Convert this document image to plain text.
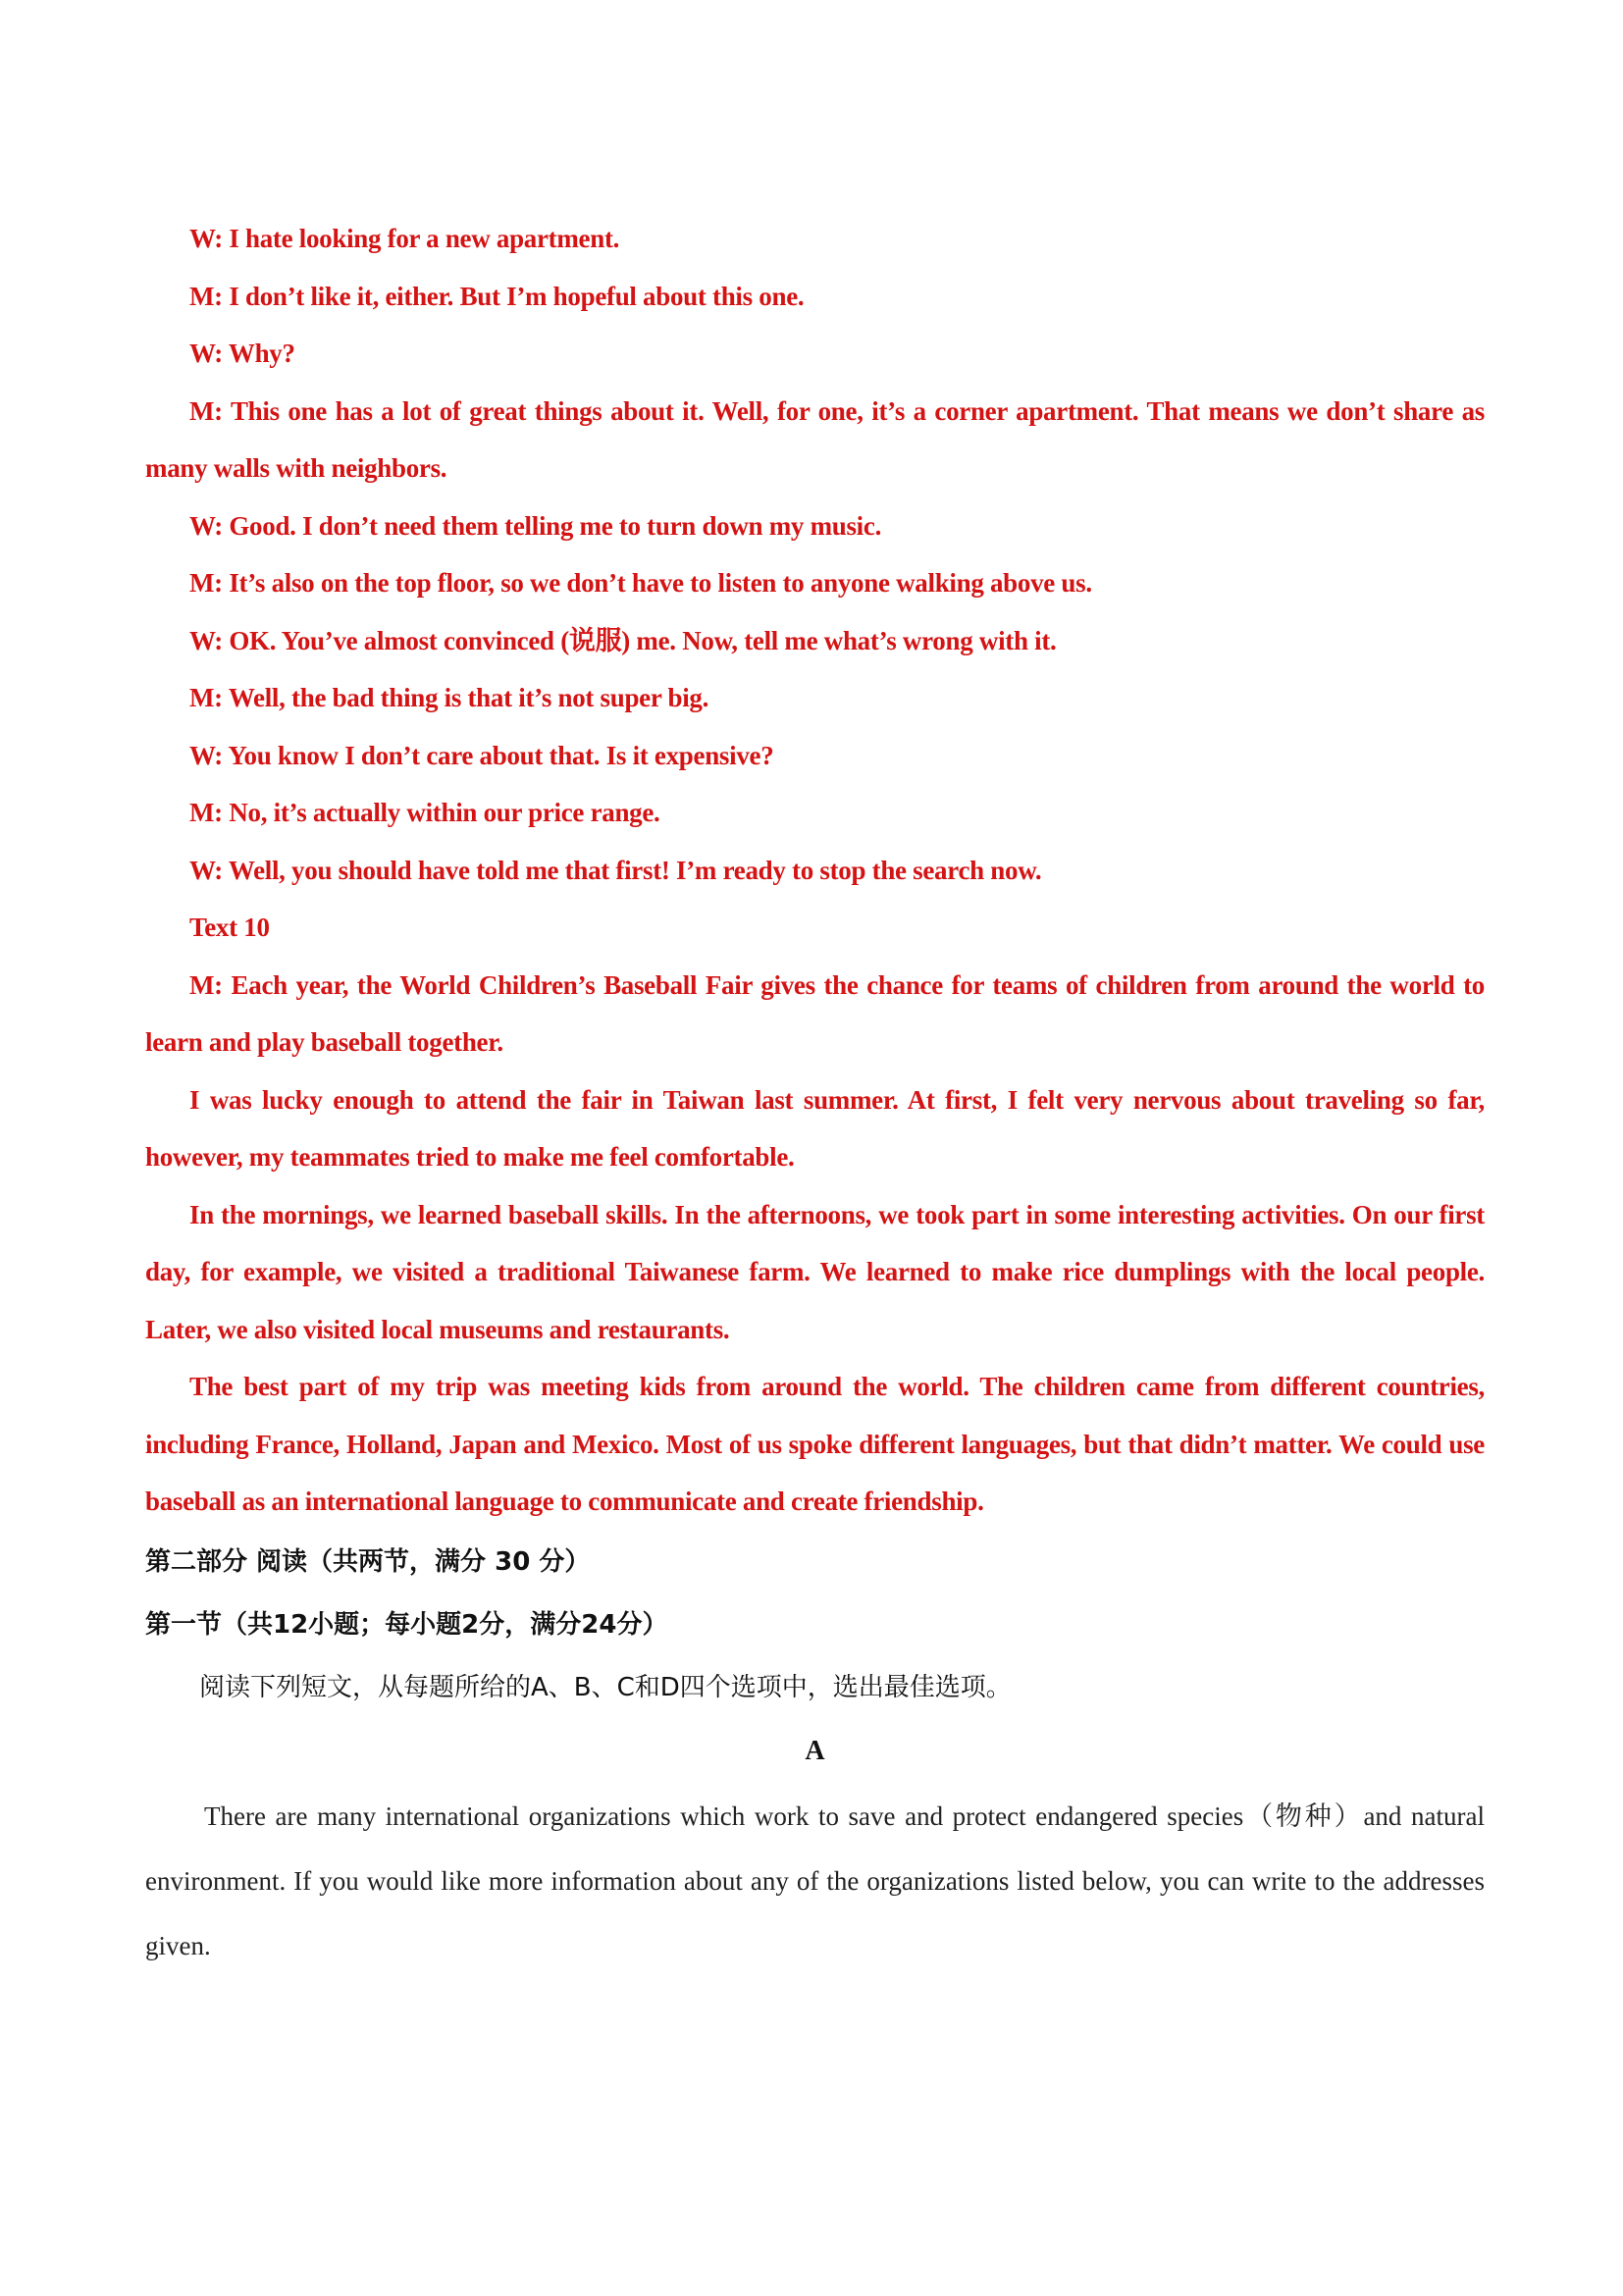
W: I hate looking for a new apartment.

M: I don’t like it, either. But I’m hopeful about this one.

W: Why?

M: This one has a lot of great things about it. Well, for one, it’s a corner apartment. That means we don’t share as many walls with neighbors.

W: Good. I don’t need them telling me to turn down my music.

M: It’s also on the top floor, so we don’t have to listen to anyone walking above us.

W: OK. You’ve almost convinced (说服) me. Now, tell me what’s wrong with it.

M: Well, the bad thing is that it’s not super big.

W: You know I don’t care about that. Is it expensive?

M: No, it’s actually within our price range.

W: Well, you should have told me that first! I’m ready to stop the search now.

Text 10

M: Each year, the World Children’s Baseball Fair gives the chance for teams of children from around the world to learn and play baseball together.

I was lucky enough to attend the fair in Taiwan last summer. At first, I felt very nervous about traveling so far, however, my teammates tried to make me feel comfortable.

In the mornings, we learned baseball skills. In the afternoons, we took part in some interesting activities. On our first day, for example, we visited a traditional Taiwanese farm. We learned to make rice dumplings with the local people. Later, we also visited local museums and restaurants.

The best part of my trip was meeting kids from around the world. The children came from different countries, including France, Holland, Japan and Mexico. Most of us spoke different languages, but that didn’t matter. We could use baseball as an international language to communicate and create friendship.

第二部分 阅读（共两节，满分 30 分）

第一节（共12小题；每小题2分，满分24分）

阅读下列短文，从每题所给的A、B、C和D四个选项中，选出最佳选项。

A

There are many international organizations which work to save and protect endangered species（物种）and natural environment. If you would like more information about any of the organizations listed below, you can write to the addresses given.
